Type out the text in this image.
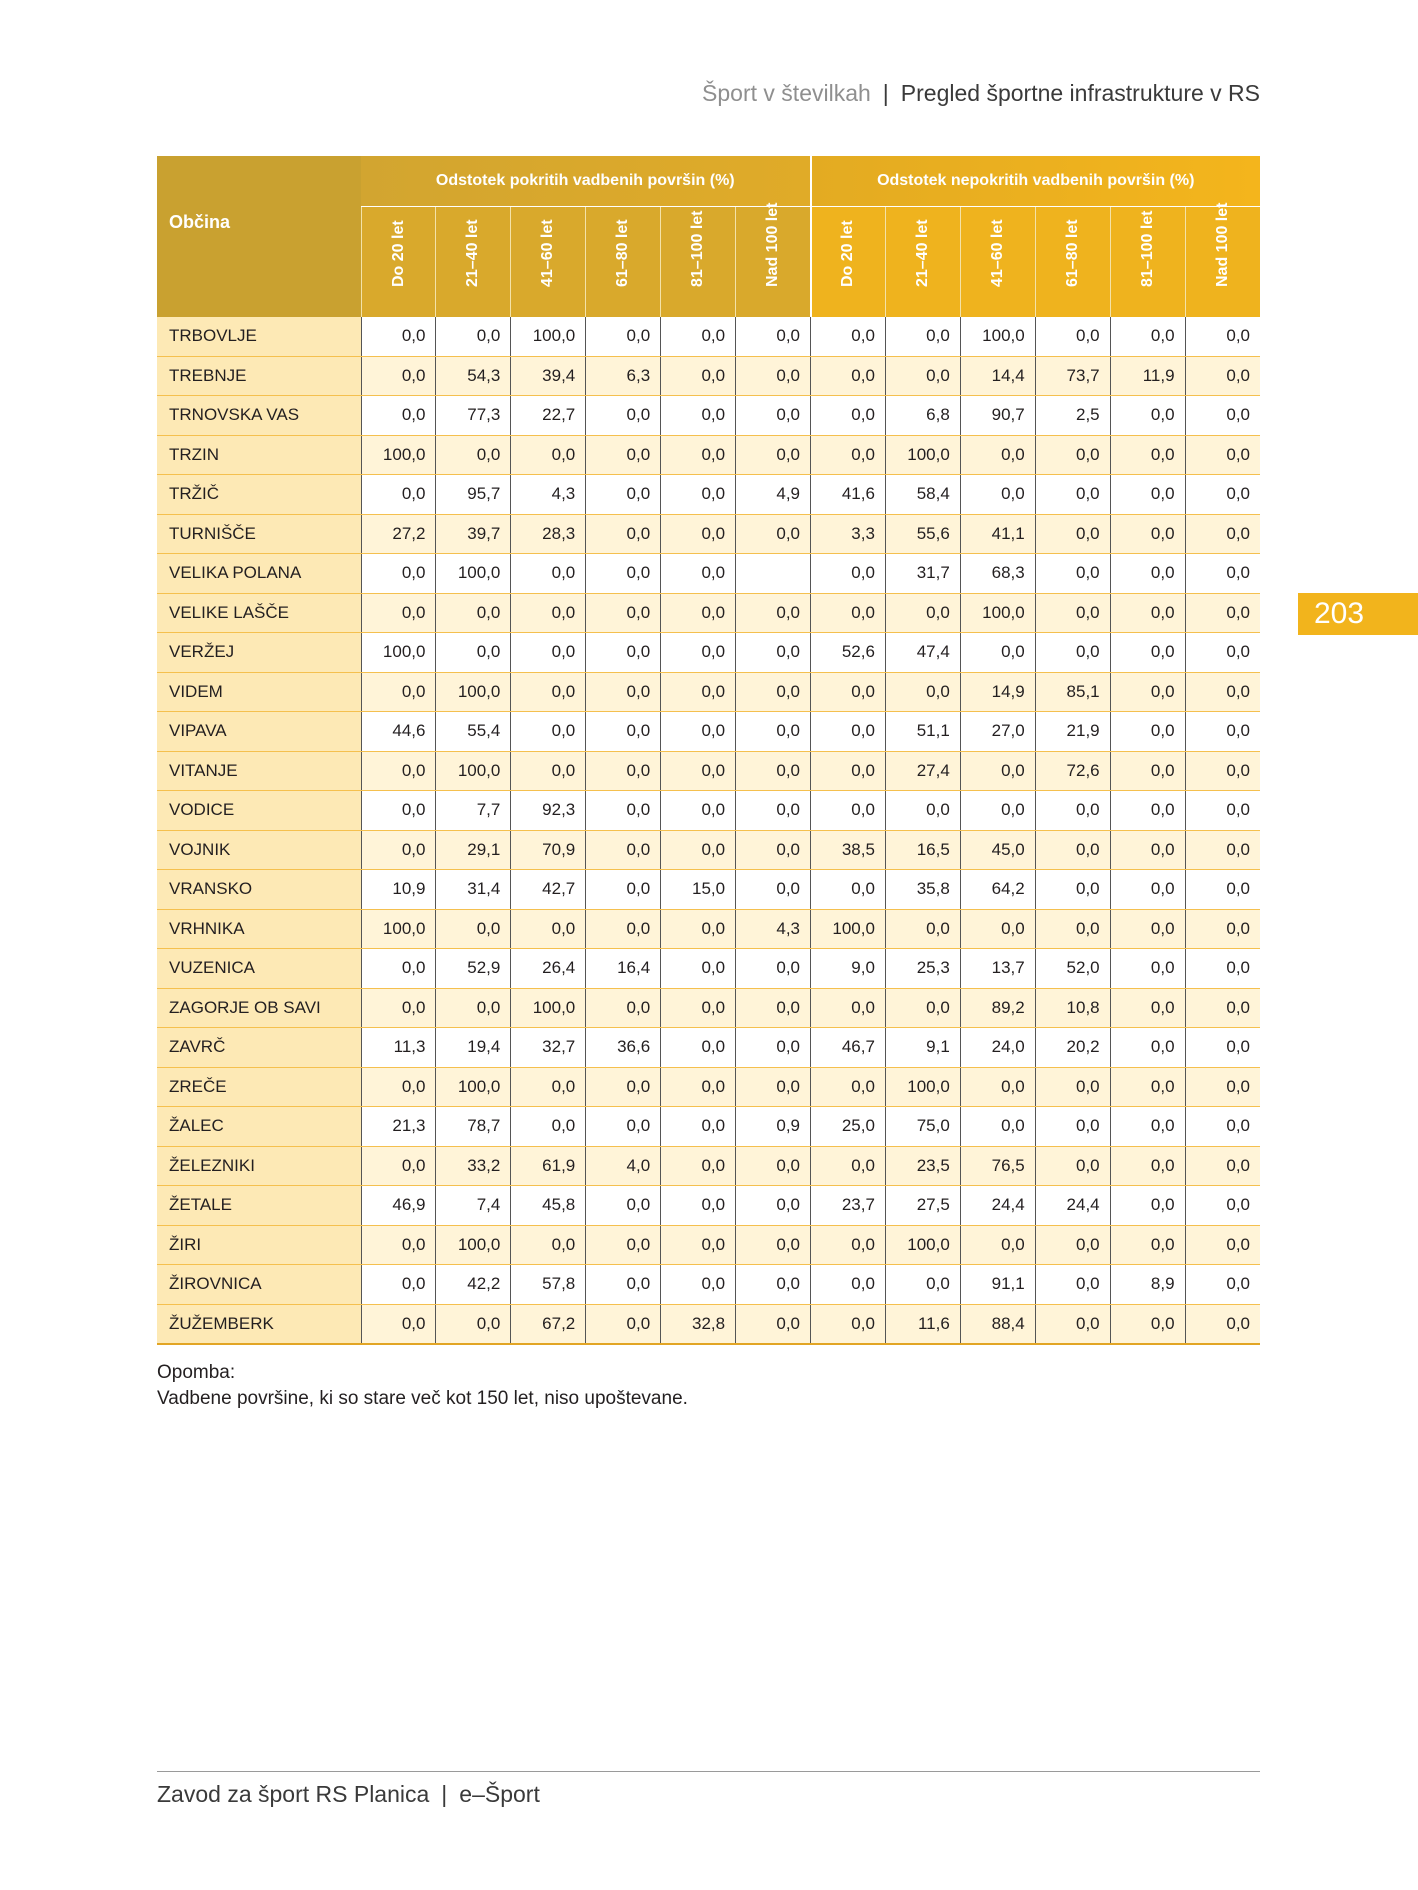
Šport v številkah | Pregled športne infrastrukture v RS
203
Občina	Odstotek pokritih vadbenih površin (%)						Odstotek nepokritih vadbenih površin (%)					

	Do 20 let	21–40 let	41–60 let	61–80 let	81–100 let	Nad 100 let	Do 20 let	21–40 let	41–60 let	61–80 let	81–100 let	Nad 100 let

TRBOVLJE	0,0	0,0	100,0	0,0	0,0	0,0	0,0	0,0	100,0	0,0	0,0	0,0
TREBNJE	0,0	54,3	39,4	6,3	0,0	0,0	0,0	0,0	14,4	73,7	11,9	0,0
TRNOVSKA VAS	0,0	77,3	22,7	0,0	0,0	0,0	0,0	6,8	90,7	2,5	0,0	0,0
TRZIN	100,0	0,0	0,0	0,0	0,0	0,0	0,0	100,0	0,0	0,0	0,0	0,0
TRŽIČ	0,0	95,7	4,3	0,0	0,0	4,9	41,6	58,4	0,0	0,0	0,0	0,0
TURNIŠČE	27,2	39,7	28,3	0,0	0,0	0,0	3,3	55,6	41,1	0,0	0,0	0,0
VELIKA POLANA	0,0	100,0	0,0	0,0	0,0		0,0	31,7	68,3	0,0	0,0	0,0
VELIKE LAŠČE	0,0	0,0	0,0	0,0	0,0	0,0	0,0	0,0	100,0	0,0	0,0	0,0
VERŽEJ	100,0	0,0	0,0	0,0	0,0	0,0	52,6	47,4	0,0	0,0	0,0	0,0
VIDEM	0,0	100,0	0,0	0,0	0,0	0,0	0,0	0,0	14,9	85,1	0,0	0,0
VIPAVA	44,6	55,4	0,0	0,0	0,0	0,0	0,0	51,1	27,0	21,9	0,0	0,0
VITANJE	0,0	100,0	0,0	0,0	0,0	0,0	0,0	27,4	0,0	72,6	0,0	0,0
VODICE	0,0	7,7	92,3	0,0	0,0	0,0	0,0	0,0	0,0	0,0	0,0	0,0
VOJNIK	0,0	29,1	70,9	0,0	0,0	0,0	38,5	16,5	45,0	0,0	0,0	0,0
VRANSKO	10,9	31,4	42,7	0,0	15,0	0,0	0,0	35,8	64,2	0,0	0,0	0,0
VRHNIKA	100,0	0,0	0,0	0,0	0,0	4,3	100,0	0,0	0,0	0,0	0,0	0,0
VUZENICA	0,0	52,9	26,4	16,4	0,0	0,0	9,0	25,3	13,7	52,0	0,0	0,0
ZAGORJE OB SAVI	0,0	0,0	100,0	0,0	0,0	0,0	0,0	0,0	89,2	10,8	0,0	0,0
ZAVRČ	11,3	19,4	32,7	36,6	0,0	0,0	46,7	9,1	24,0	20,2	0,0	0,0
ZREČE	0,0	100,0	0,0	0,0	0,0	0,0	0,0	100,0	0,0	0,0	0,0	0,0
ŽALEC	21,3	78,7	0,0	0,0	0,0	0,9	25,0	75,0	0,0	0,0	0,0	0,0
ŽELEZNIKI	0,0	33,2	61,9	4,0	0,0	0,0	0,0	23,5	76,5	0,0	0,0	0,0
ŽETALE	46,9	7,4	45,8	0,0	0,0	0,0	23,7	27,5	24,4	24,4	0,0	0,0
ŽIRI	0,0	100,0	0,0	0,0	0,0	0,0	0,0	100,0	0,0	0,0	0,0	0,0
ŽIROVNICA	0,0	42,2	57,8	0,0	0,0	0,0	0,0	0,0	91,1	0,0	8,9	0,0
ŽUŽEMBERK	0,0	0,0	67,2	0,0	32,8	0,0	0,0	11,6	88,4	0,0	0,0	0,0
Opomba:
Vadbene površine, ki so stare več kot 150 let, niso upoštevane.
Zavod za šport RS Planica | e–Šport
